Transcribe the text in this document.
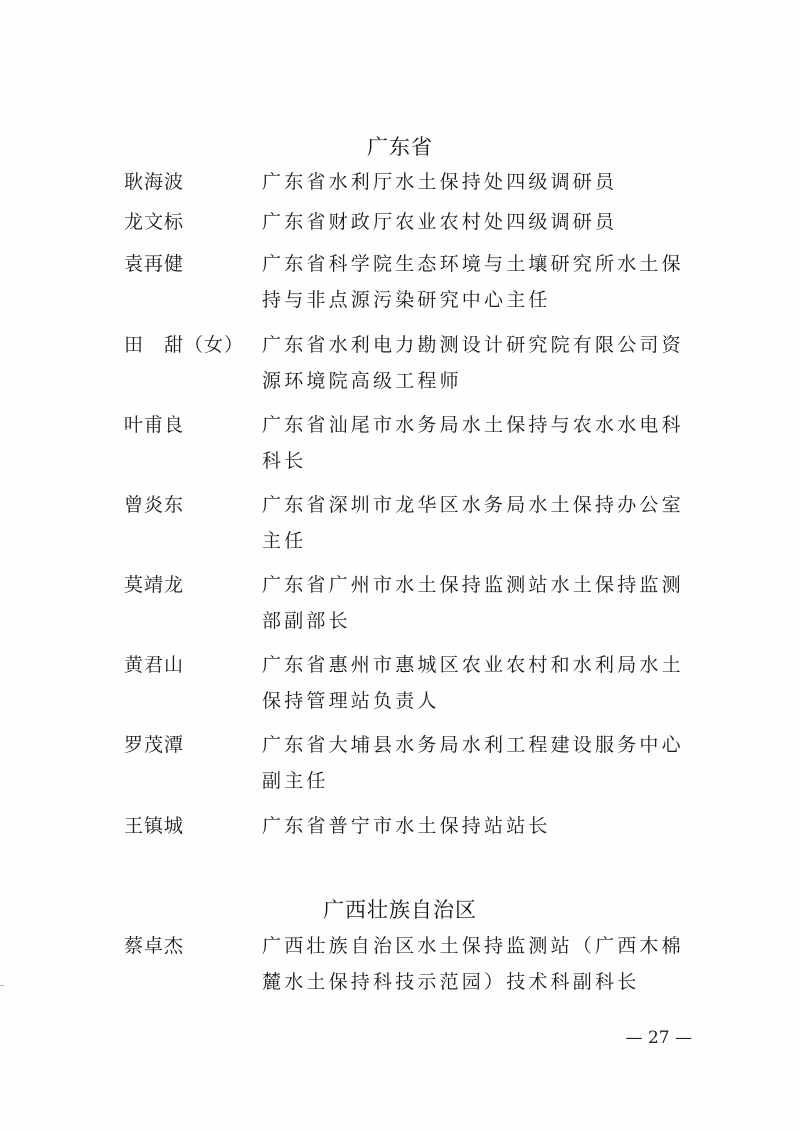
广东省
耿海波	广东省水利厅水土保持处四级调研员
龙文标	广东省财政厅农业农村处四级调研员
袁再健	广东省科学院生态环境与土壤研究所水土保持与非点源污染研究中心主任
田　甜（女） 广东省水利电力勘测设计研究院有限公司资源环境院高级工程师
叶甫良	广东省汕尾市水务局水土保持与农水水电科科长
曾炎东	广东省深圳市龙华区水务局水土保持办公室主任
莫靖龙	广东省广州市水土保持监测站水土保持监测部副部长
黄君山	广东省惠州市惠城区农业农村和水利局水土保持管理站负责人
罗茂潭	广东省大埔县水务局水利工程建设服务中心副主任
王镇城	广东省普宁市水土保持站站长
广西壮族自治区
蔡卓杰	广西壮族自治区水土保持监测站（广西木棉麓水土保持科技示范园）技术科副科长
— 27 —
